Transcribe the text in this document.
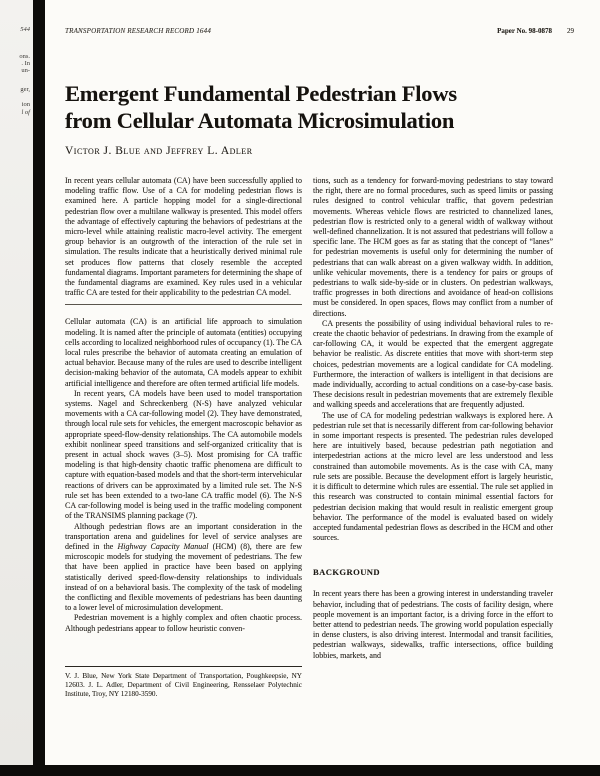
544
ons.
. In
un-
ger,
ion
l of
TRANSPORTATION RESEARCH RECORD 1644	Paper No. 98-0878 29
Emergent Fundamental Pedestrian Flows
from Cellular Automata Microsimulation
Victor J. Blue and Jeffrey L. Adler

In recent years cellular automata (CA) have been successfully applied to modeling traffic flow. Use of a CA for modeling pedestrian flows is examined here. A particle hopping model for a single-directional pedestrian flow over a multilane walkway is presented. This model offers the advantage of effectively capturing the behaviors of pedestrians at the micro-level while attaining realistic macro-level activity. The emergent group behavior is an outgrowth of the interaction of the rule set in simulation. The results indicate that a heuristically derived minimal rule set produces flow patterns that closely resemble the accepted fundamental diagrams. Important parameters for determining the shape of the fundamental diagrams are examined. Key rules used in a vehicular traffic CA are tested for their applicability to the pedestrian CA model.

Cellular automata (CA) is an artificial life approach to simulation modeling. It is named after the principle of automata (entities) occupying cells according to localized neighborhood rules of occupancy (1). The CA local rules prescribe the behavior of automata creating an emulation of actual behavior. Because many of the rules are used to describe intelligent decision-making behavior of the automata, CA models appear to exhibit artificial intelligence and therefore are often termed artificial life models.

In recent years, CA models have been used to model transportation systems. Nagel and Schreckenberg (N-S) have analyzed vehicular movements with a CA car-following model (2). They have demonstrated, through local rule sets for vehicles, the emergent macroscopic behavior as appropriate speed-flow-density relationships. The CA automobile models exhibit nonlinear speed transitions and self-organized criticality that is present in actual shock waves (3–5). Most promising for CA traffic modeling is that high-density chaotic traffic phenomena are difficult to capture with equation-based models and that the short-term intervehicular reactions of drivers can be approximated by a limited rule set. The N-S rule set has been extended to a two-lane CA traffic model (6). The N-S CA car-following model is being used in the traffic modeling component of the TRANSIMS planning package (7).

Although pedestrian flows are an important consideration in the transportation arena and guidelines for level of service analyses are defined in the Highway Capacity Manual (HCM) (8), there are few microscopic models for studying the movement of pedestrians. The few that have been applied in practice have been based on applying statistically derived speed-flow-density relationships to individuals instead of on a behavioral basis. The complexity of the task of modeling the conflicting and flexible movements of pedestrians has been daunting to a lower level of microsimulation development.

Pedestrian movement is a highly complex and often chaotic process. Although pedestrians appear to follow heuristic conven-

tions, such as a tendency for forward-moving pedestrians to stay toward the right, there are no formal procedures, such as speed limits or passing rules designed to control vehicular traffic, that govern pedestrian movements. Whereas vehicle flows are restricted to channelized lanes, pedestrian flow is restricted only to a general width of walkway without well-defined channelization. It is not assured that pedestrians will follow a specific lane. The HCM goes as far as stating that the concept of “lanes” for pedestrian movements is useful only for determining the number of pedestrians that can walk abreast on a given walkway width. In addition, unlike vehicular movements, there is a tendency for pairs or groups of pedestrians to walk side-by-side or in clusters. On pedestrian walkways, traffic progresses in both directions and avoidance of head-on collisions must be considered. In open spaces, flows may conflict from a number of directions.

CA presents the possibility of using individual behavioral rules to re-create the chaotic behavior of pedestrians. In drawing from the example of car-following CA, it would be expected that the emergent aggregate behavior be realistic. As discrete entities that move with short-term step choices, pedestrian movements are a logical candidate for CA modeling. Furthermore, the interaction of walkers is intelligent in that decisions are made individually, according to actual conditions on a case-by-case basis. These decisions result in pedestrian movements that are extremely flexible and walking speeds and accelerations that are frequently adjusted.

The use of CA for modeling pedestrian walkways is explored here. A pedestrian rule set that is necessarily different from car-following behavior in some important respects is presented. The pedestrian rules developed here are intuitively based, because pedestrian path negotiation and interpedestrian actions at the micro level are less understood and less constrained than automobile movements. As is the case with CA, many rule sets are possible. Because the development effort is largely heuristic, it is difficult to determine which rules are essential. The rule set applied in this research was constructed to contain minimal essential factors for pedestrian decision making that would result in realistic emergent group behavior. The performance of the model is evaluated based on widely accepted fundamental pedestrian flows as described in the HCM and other sources.

BACKGROUND

In recent years there has been a growing interest in understanding traveler behavior, including that of pedestrians. The costs of facility design, where people movement is an important factor, is a driving force in the effort to better attend to pedestrian needs. The growing world population especially in dense clusters, is also driving interest. Intermodal and transit facilities, pedestrian walkways, sidewalks, traffic intersections, office building lobbies, markets, and

V. J. Blue, New York State Department of Transportation, Poughkeepsie, NY 12603. J. L. Adler, Department of Civil Engineering, Rensselaer Polytechnic Institute, Troy, NY 12180-3590.
